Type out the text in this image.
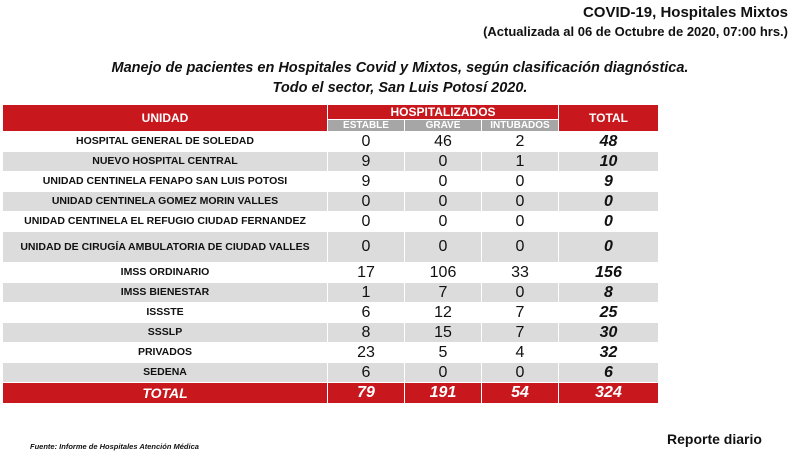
COVID-19, Hospitales Mixtos
(Actualizada al 06 de Octubre de 2020, 07:00 hrs.)
Manejo de pacientes en Hospitales Covid y Mixtos, según clasificación diagnóstica.
Todo el sector, San Luis Potosí 2020.
UNIDAD	HOSPITALIZADOS			TOTAL
	ESTABLE	GRAVE	INTUBADOS	
HOSPITAL GENERAL DE SOLEDAD	0	46	2	48
NUEVO HOSPITAL CENTRAL	9	0	1	10
UNIDAD CENTINELA FENAPO SAN LUIS POTOSI	9	0	0	9
UNIDAD CENTINELA GOMEZ MORIN VALLES	0	0	0	0
UNIDAD CENTINELA EL REFUGIO CIUDAD FERNANDEZ	0	0	0	0
UNIDAD DE CIRUGÍA AMBULATORIA DE CIUDAD VALLES	0	0	0	0
IMSS ORDINARIO	17	106	33	156
IMSS BIENESTAR	1	7	0	8
ISSSTE	6	12	7	25
SSSLP	8	15	7	30
PRIVADOS	23	5	4	32
SEDENA	6	0	0	6
TOTAL	79	191	54	324
Fuente: Informe de Hospitales Atención Médica	Reporte diario
